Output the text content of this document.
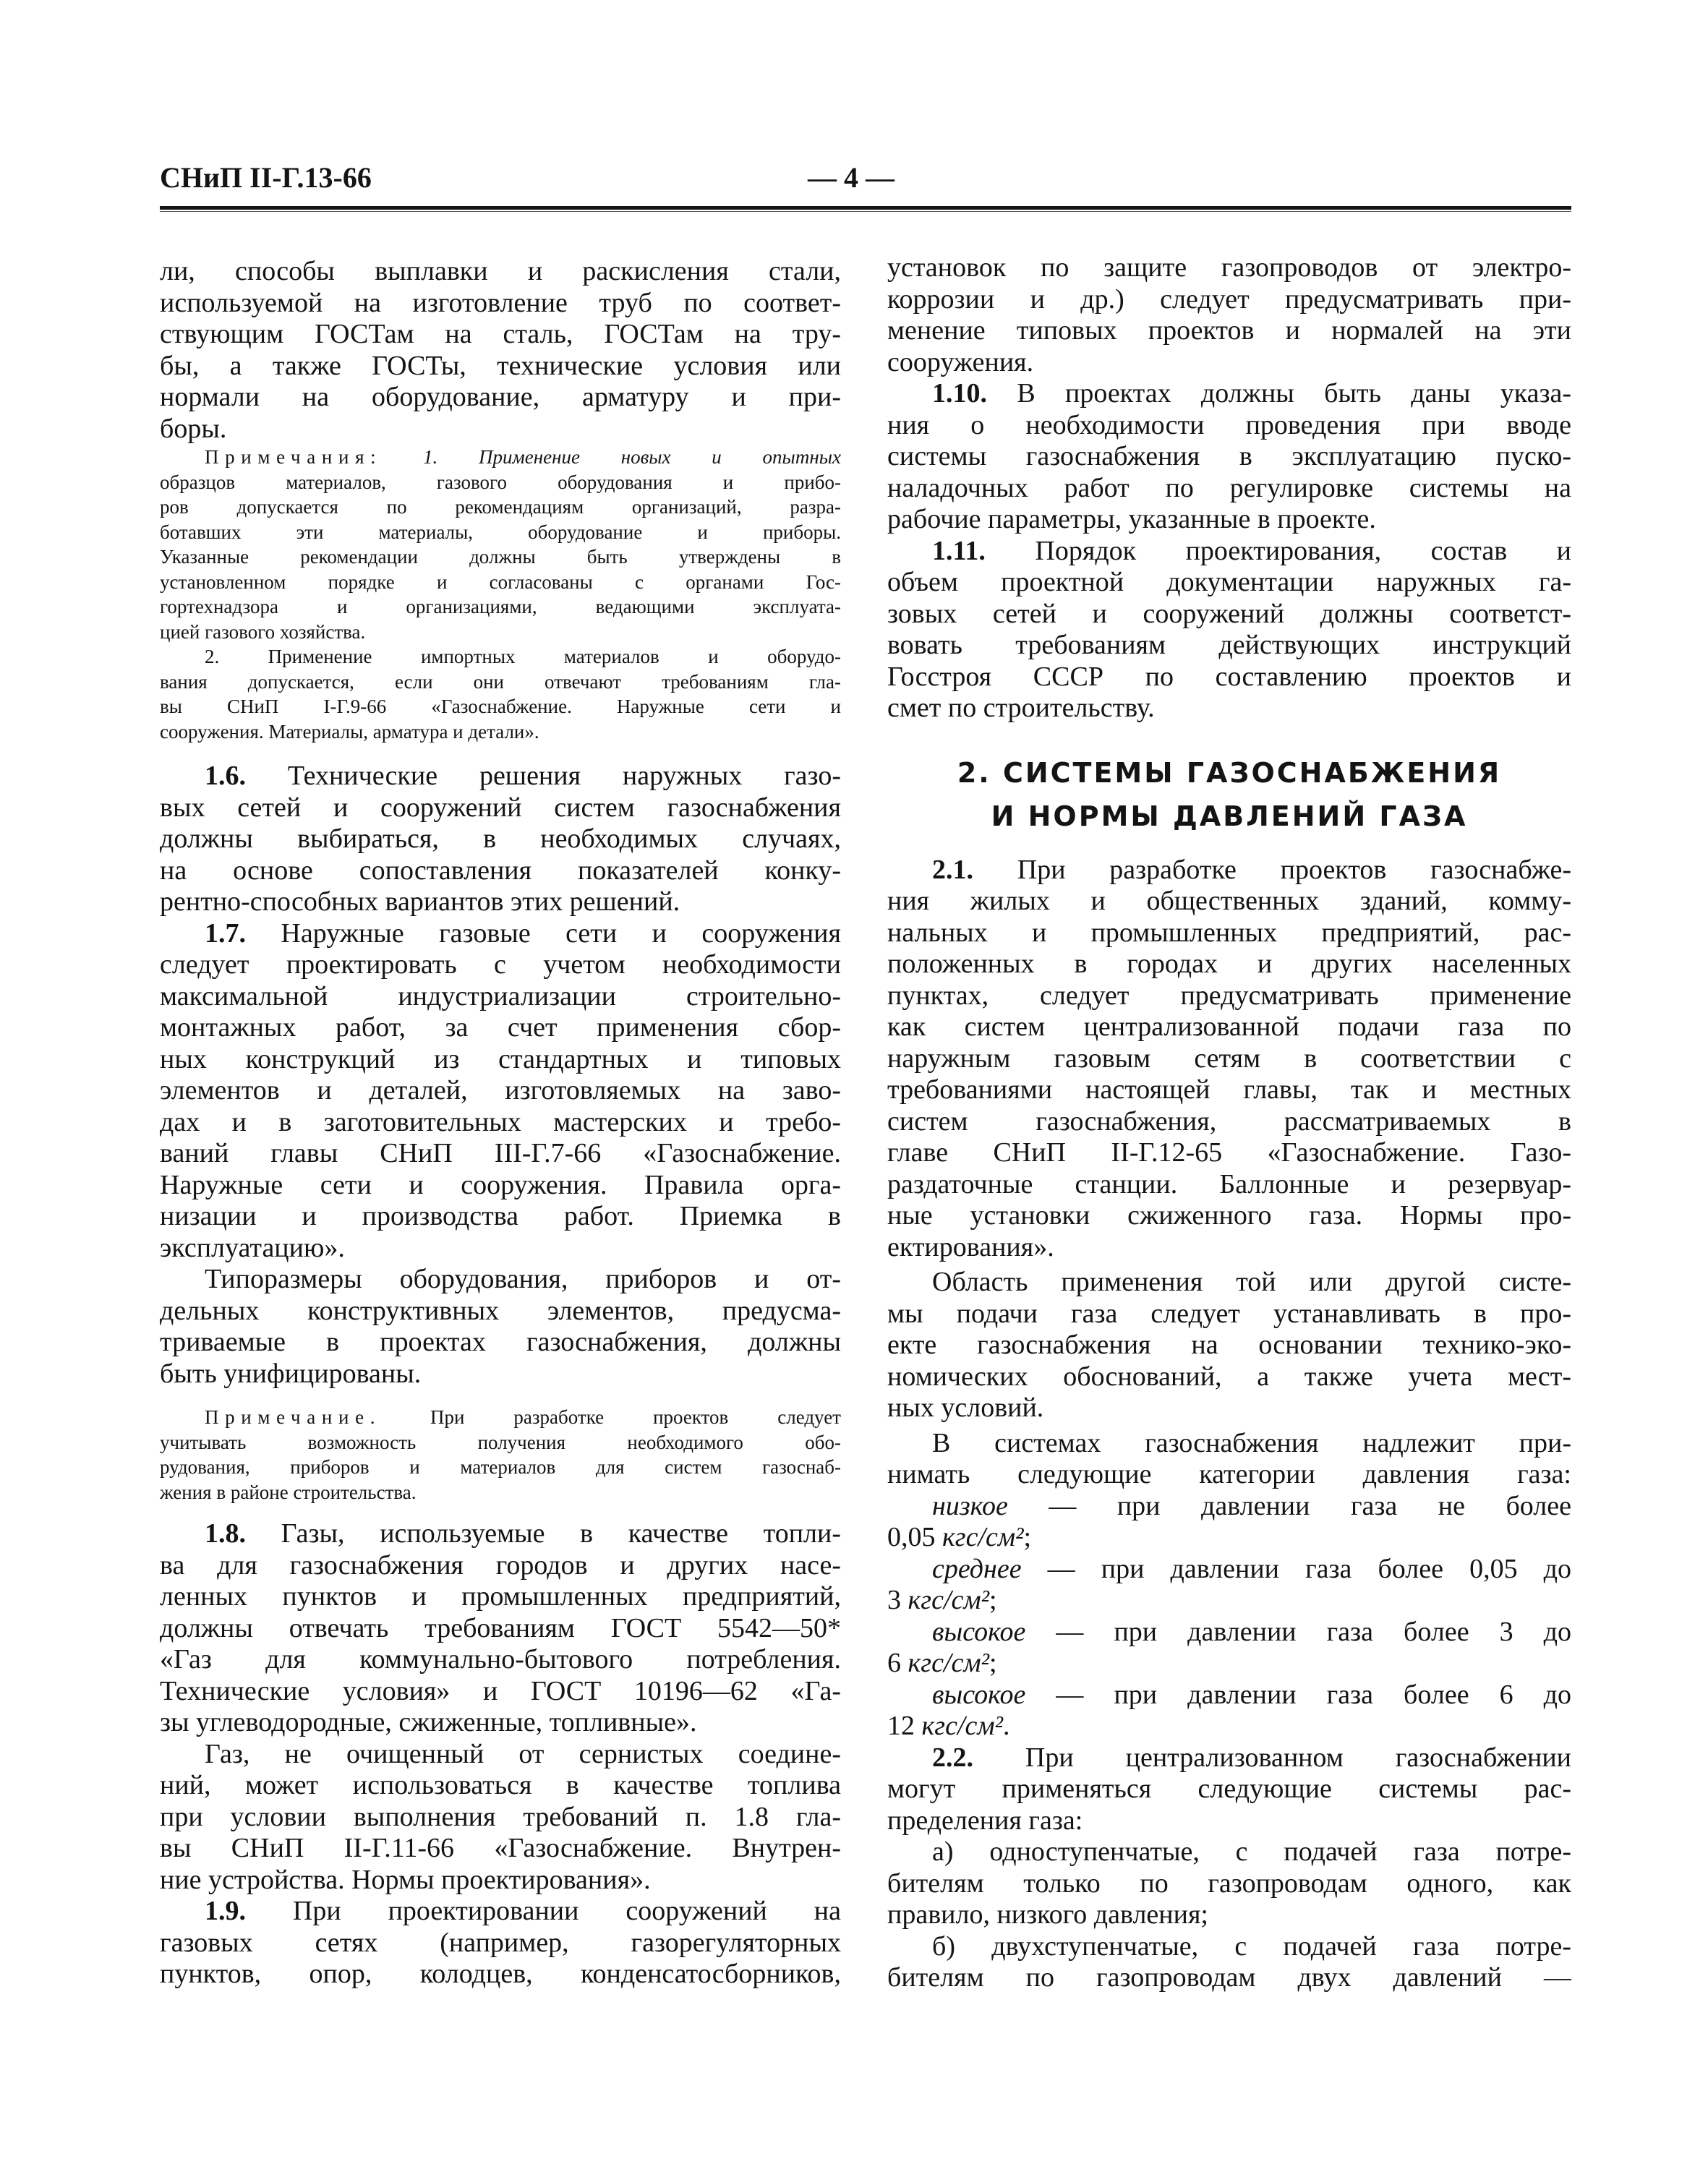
СНиП II-Г.13-66	— 4 —
ли, способы выплавки и раскисления стали,
используемой на изготовление труб по соответ-
ствующим ГОСТам на сталь, ГОСТам на тру-
бы, а также ГОСТы, технические условия или
нормали на оборудование, арматуру и при-
боры.
Примечания: 1. Применение новых и опытных
образцов материалов, газового оборудования и прибо-
ров допускается по рекомендациям организаций, разра-
ботавших эти материалы, оборудование и приборы.
Указанные рекомендации должны быть утверждены в
установленном порядке и согласованы с органами Гос-
гортехнадзора и организациями, ведающими эксплуата-
цией газового хозяйства.
2. Применение импортных материалов и оборудо-
вания допускается, если они отвечают требованиям гла-
вы СНиП I-Г.9-66 «Газоснабжение. Наружные сети и
сооружения. Материалы, арматура и детали».
1.6. Технические решения наружных газо-
вых сетей и сооружений систем газоснабжения
должны выбираться, в необходимых случаях,
на основе сопоставления показателей конку-
рентно-способных вариантов этих решений.
1.7. Наружные газовые сети и сооружения
следует проектировать с учетом необходимости
максимальной индустриализации строительно-
монтажных работ, за счет применения сбор-
ных конструкций из стандартных и типовых
элементов и деталей, изготовляемых на заво-
дах и в заготовительных мастерских и требо-
ваний главы СНиП III-Г.7-66 «Газоснабжение.
Наружные сети и сооружения. Правила орга-
низации и производства работ. Приемка в
эксплуатацию».
Типоразмеры оборудования, приборов и от-
дельных конструктивных элементов, предусма-
триваемые в проектах газоснабжения, должны
быть унифицированы.
Примечание. При разработке проектов следует
учитывать возможность получения необходимого обо-
рудования, приборов и материалов для систем газоснаб-
жения в районе строительства.
1.8. Газы, используемые в качестве топли-
ва для газоснабжения городов и других насе-
ленных пунктов и промышленных предприятий,
должны отвечать требованиям ГОСТ 5542—50*
«Газ для коммунально-бытового потребления.
Технические условия» и ГОСТ 10196—62 «Га-
зы углеводородные, сжиженные, топливные».
Газ, не очищенный от сернистых соедине-
ний, может использоваться в качестве топлива
при условии выполнения требований п. 1.8 гла-
вы СНиП II-Г.11-66 «Газоснабжение. Внутрен-
ние устройства. Нормы проектирования».
1.9. При проектировании сооружений на
газовых сетях (например, газорегуляторных
пунктов, опор, колодцев, конденсатосборников,
установок по защите газопроводов от электро-
коррозии и др.) следует предусматривать при-
менение типовых проектов и нормалей на эти
сооружения.
1.10. В проектах должны быть даны указа-
ния о необходимости проведения при вводе
системы газоснабжения в эксплуатацию пуско-
наладочных работ по регулировке системы на
рабочие параметры, указанные в проекте.
1.11. Порядок проектирования, состав и
объем проектной документации наружных га-
зовых сетей и сооружений должны соответст-
вовать требованиям действующих инструкций
Госстроя СССР по составлению проектов и
смет по строительству.
2. СИСТЕМЫ ГАЗОСНАБЖЕНИЯ
И НОРМЫ ДАВЛЕНИЙ ГАЗА
2.1. При разработке проектов газоснабже-
ния жилых и общественных зданий, комму-
нальных и промышленных предприятий, рас-
положенных в городах и других населенных
пунктах, следует предусматривать применение
как систем централизованной подачи газа по
наружным газовым сетям в соответствии с
требованиями настоящей главы, так и местных
систем газоснабжения, рассматриваемых в
главе СНиП II-Г.12-65 «Газоснабжение. Газо-
раздаточные станции. Баллонные и резервуар-
ные установки сжиженного газа. Нормы про-
ектирования».
Область применения той или другой систе-
мы подачи газа следует устанавливать в про-
екте газоснабжения на основании технико-эко-
номических обоснований, а также учета мест-
ных условий.
В системах газоснабжения надлежит при-
нимать следующие категории давления газа:
низкое — при давлении газа не более
0,05 кгс/см²;
среднее — при давлении газа более 0,05 до
3 кгс/см²;
высокое — при давлении газа более 3 до
6 кгс/см²;
высокое — при давлении газа более 6 до
12 кгс/см².
2.2. При централизованном газоснабжении
могут применяться следующие системы рас-
пределения газа:
а) одноступенчатые, с подачей газа потре-
бителям только по газопроводам одного, как
правило, низкого давления;
б) двухступенчатые, с подачей газа потре-
бителям по газопроводам двух давлений —
